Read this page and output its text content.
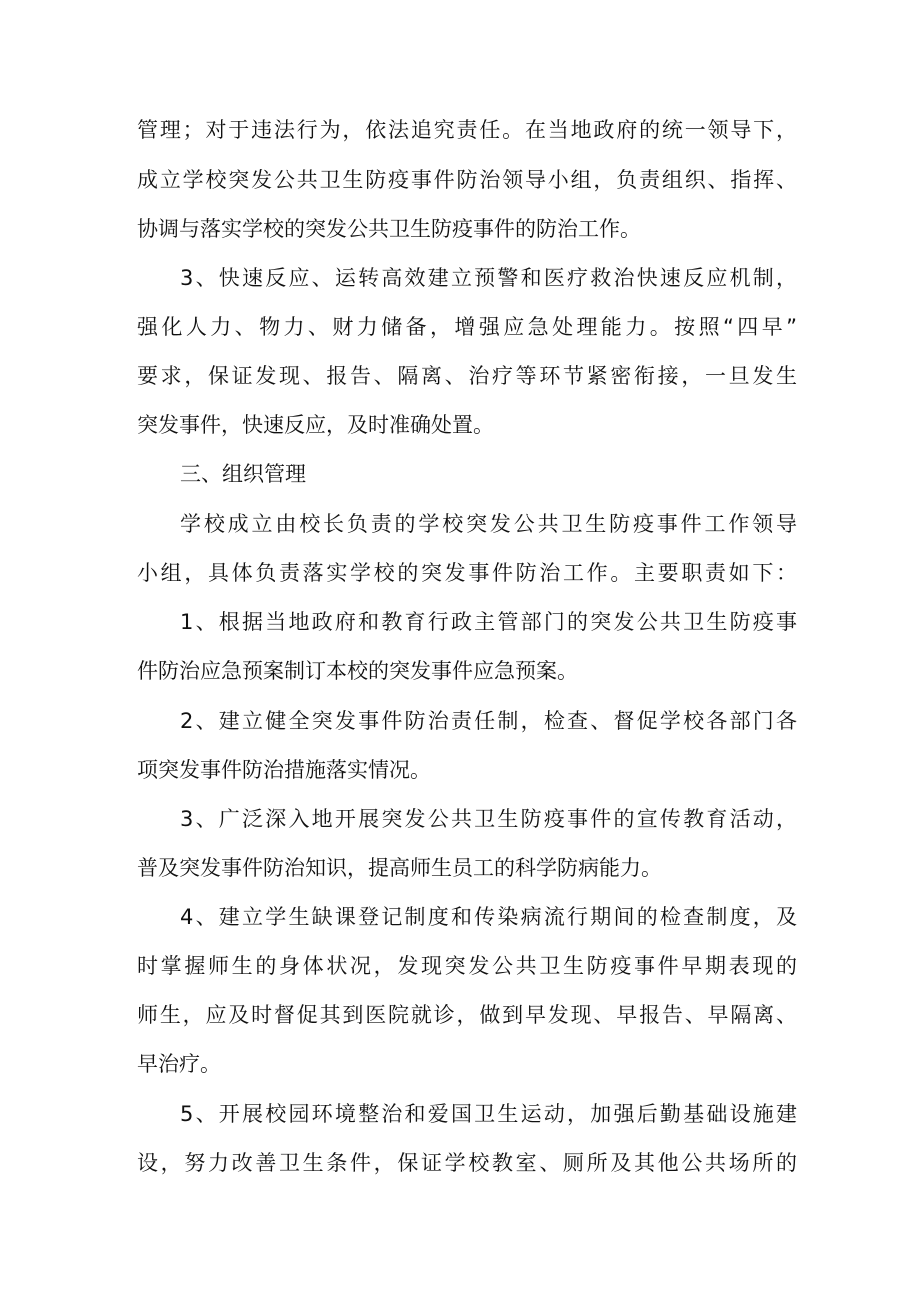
管理；对于违法行为，依法追究责任。在当地政府的统一领导下，
成立学校突发公共卫生防疫事件防治领导小组，负责组织、指挥、
协调与落实学校的突发公共卫生防疫事件的防治工作。
3、快速反应、运转高效建立预警和医疗救治快速反应机制，
强化人力、物力、财力储备，增强应急处理能力。按照“四早”
要求，保证发现、报告、隔离、治疗等环节紧密衔接，一旦发生
突发事件，快速反应，及时准确处置。
三、组织管理
学校成立由校长负责的学校突发公共卫生防疫事件工作领导
小组，具体负责落实学校的突发事件防治工作。主要职责如下：
1、根据当地政府和教育行政主管部门的突发公共卫生防疫事
件防治应急预案制订本校的突发事件应急预案。
2、建立健全突发事件防治责任制，检查、督促学校各部门各
项突发事件防治措施落实情况。
3、广泛深入地开展突发公共卫生防疫事件的宣传教育活动，
普及突发事件防治知识，提高师生员工的科学防病能力。
4、建立学生缺课登记制度和传染病流行期间的检查制度，及
时掌握师生的身体状况，发现突发公共卫生防疫事件早期表现的
师生，应及时督促其到医院就诊，做到早发现、早报告、早隔离、
早治疗。
5、开展校园环境整治和爱国卫生运动，加强后勤基础设施建
设，努力改善卫生条件，保证学校教室、厕所及其他公共场所的
